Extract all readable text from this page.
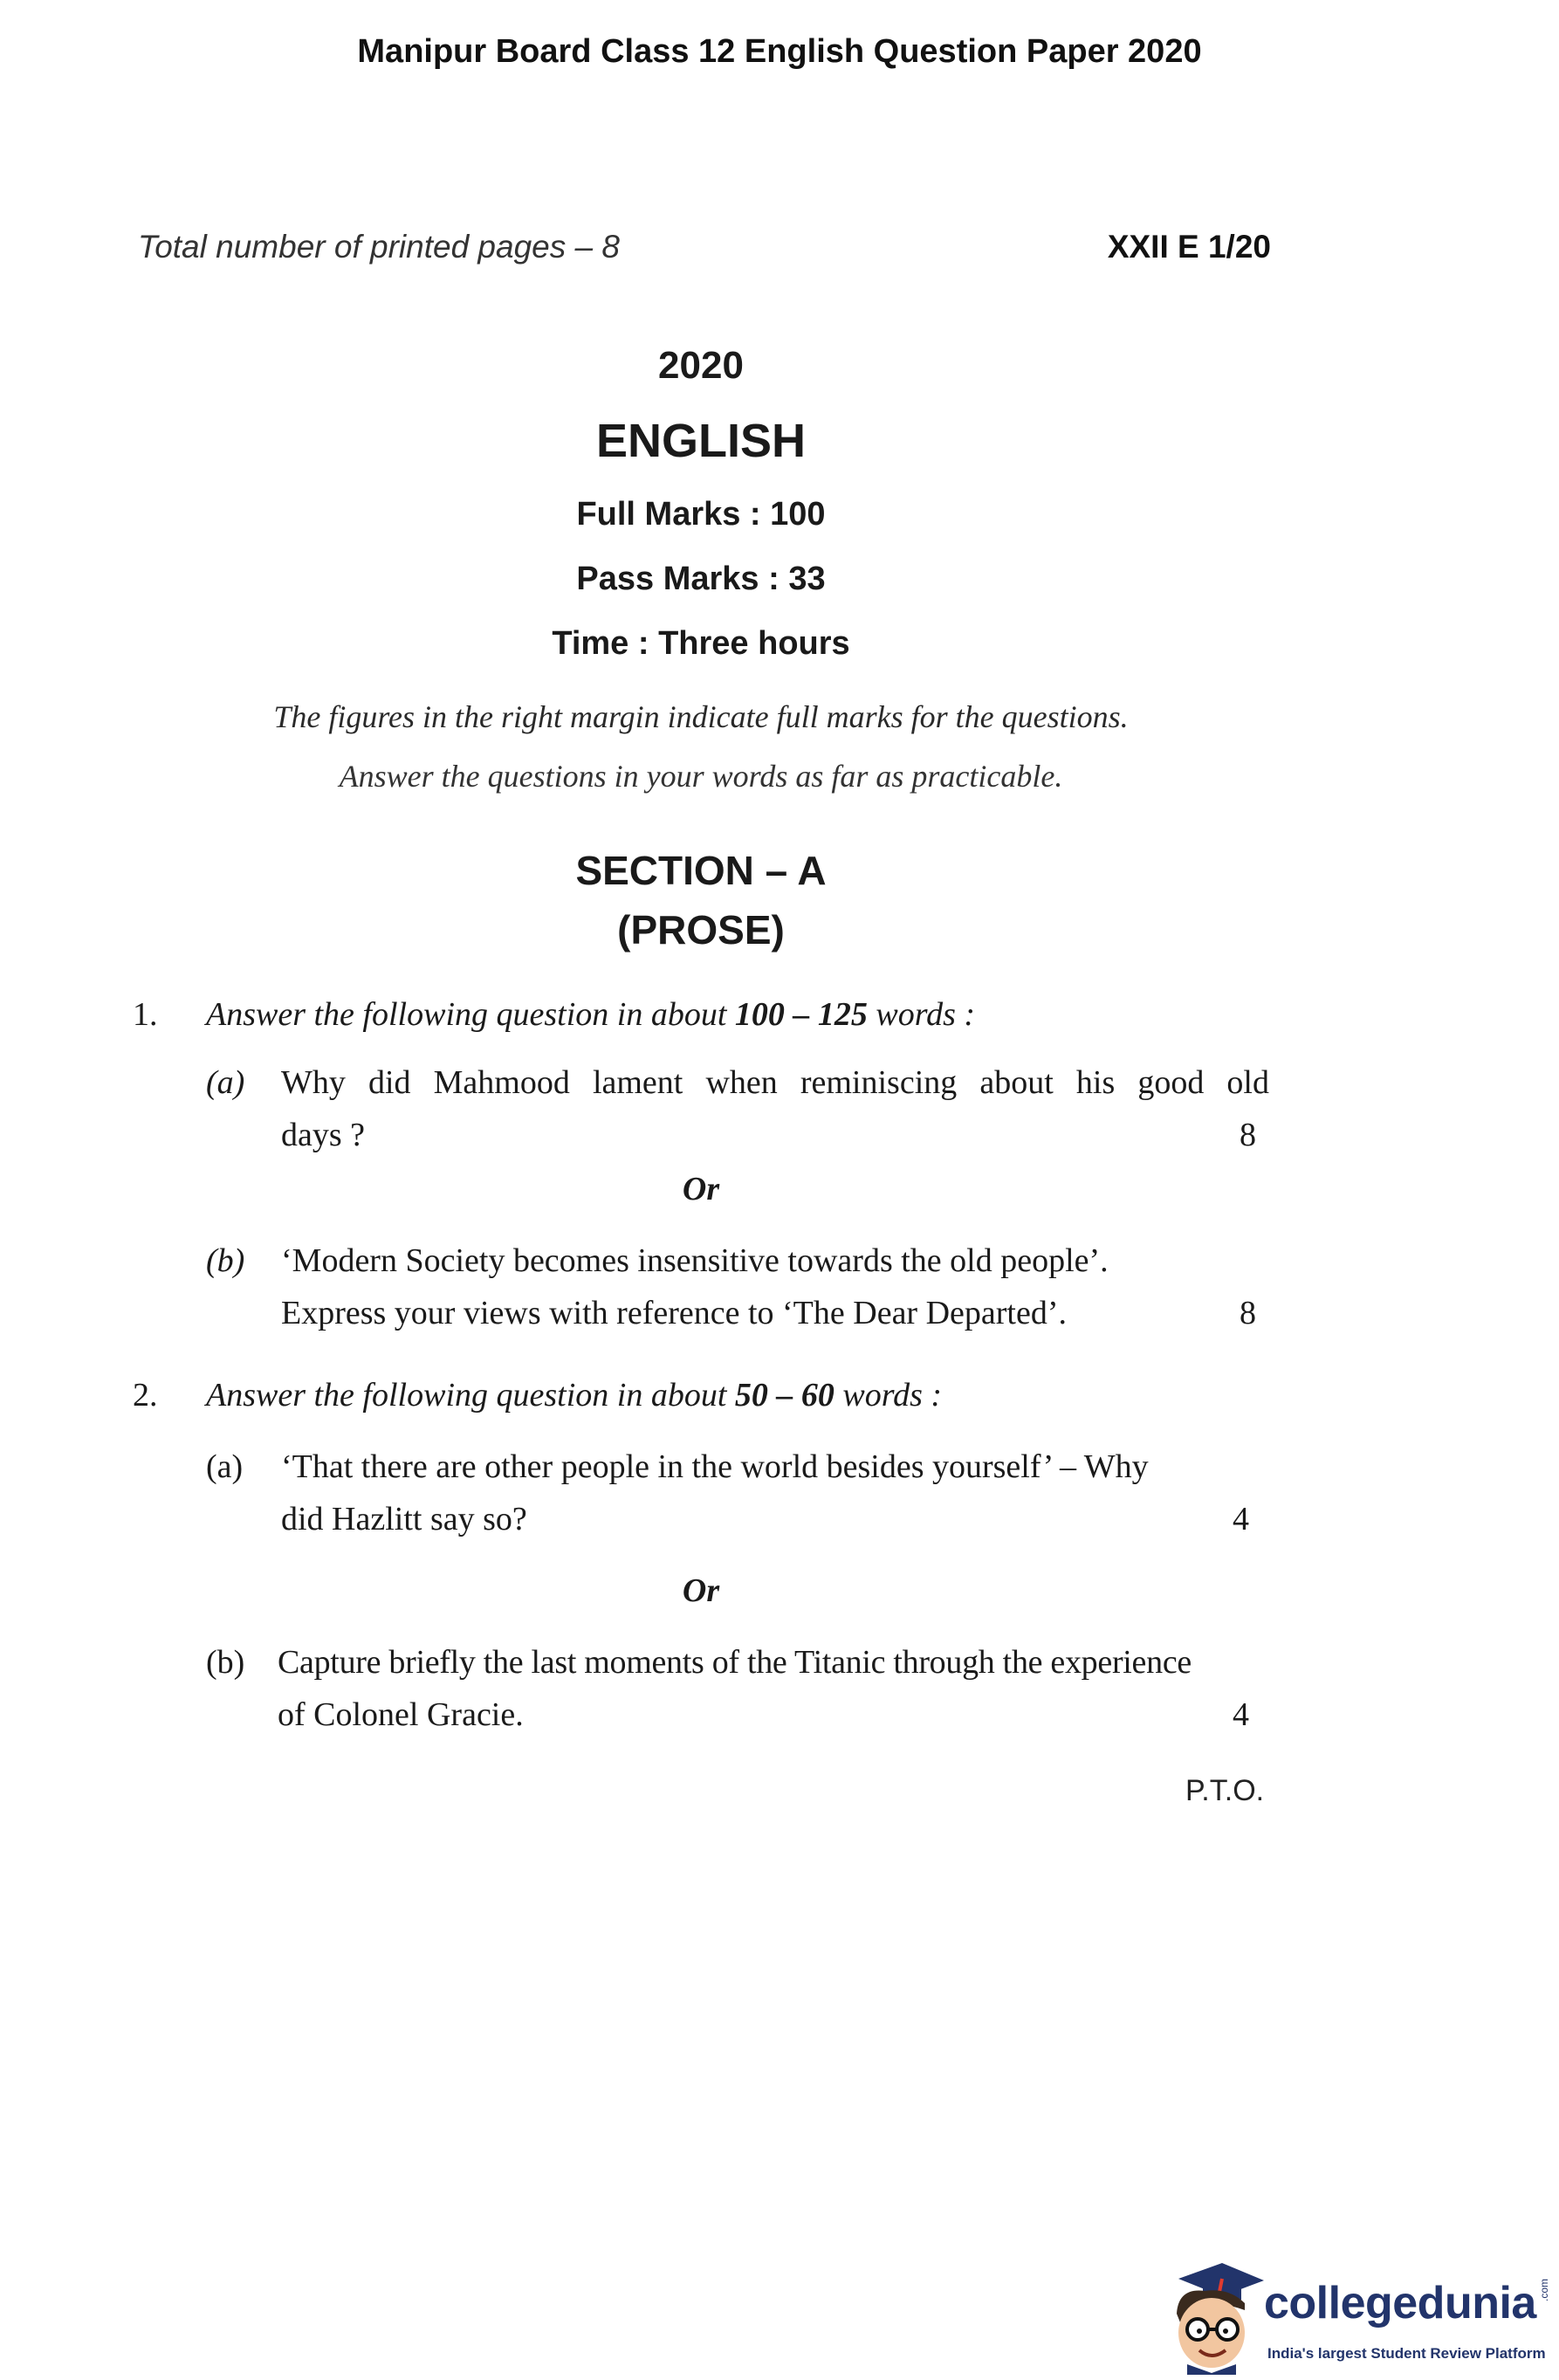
Manipur Board Class 12 English Question Paper 2020
Total number of printed pages – 8	XXII E 1/20
2020
ENGLISH
Full Marks : 100
Pass Marks : 33
Time : Three hours
The figures in the right margin indicate full marks for the questions.
Answer the questions in your words as far as practicable.
SECTION – A
(PROSE)
1. Answer the following question in about 100 – 125 words :
(a) Why did Mahmood lament when reminiscing about his good old
days ?	8
Or
(b) ‘Modern Society becomes insensitive towards the old people’.
Express your views with reference to ‘The Dear Departed’.	8
2. Answer the following question in about 50 – 60 words :
(a) ‘That there are other people in the world besides yourself’ – Why
did Hazlitt say so?	4
Or
(b) Capture briefly the last moments of the Titanic through the experience
of Colonel Gracie.	4
P.T.O.
collegedunia
India's largest Student Review Platform
.com
